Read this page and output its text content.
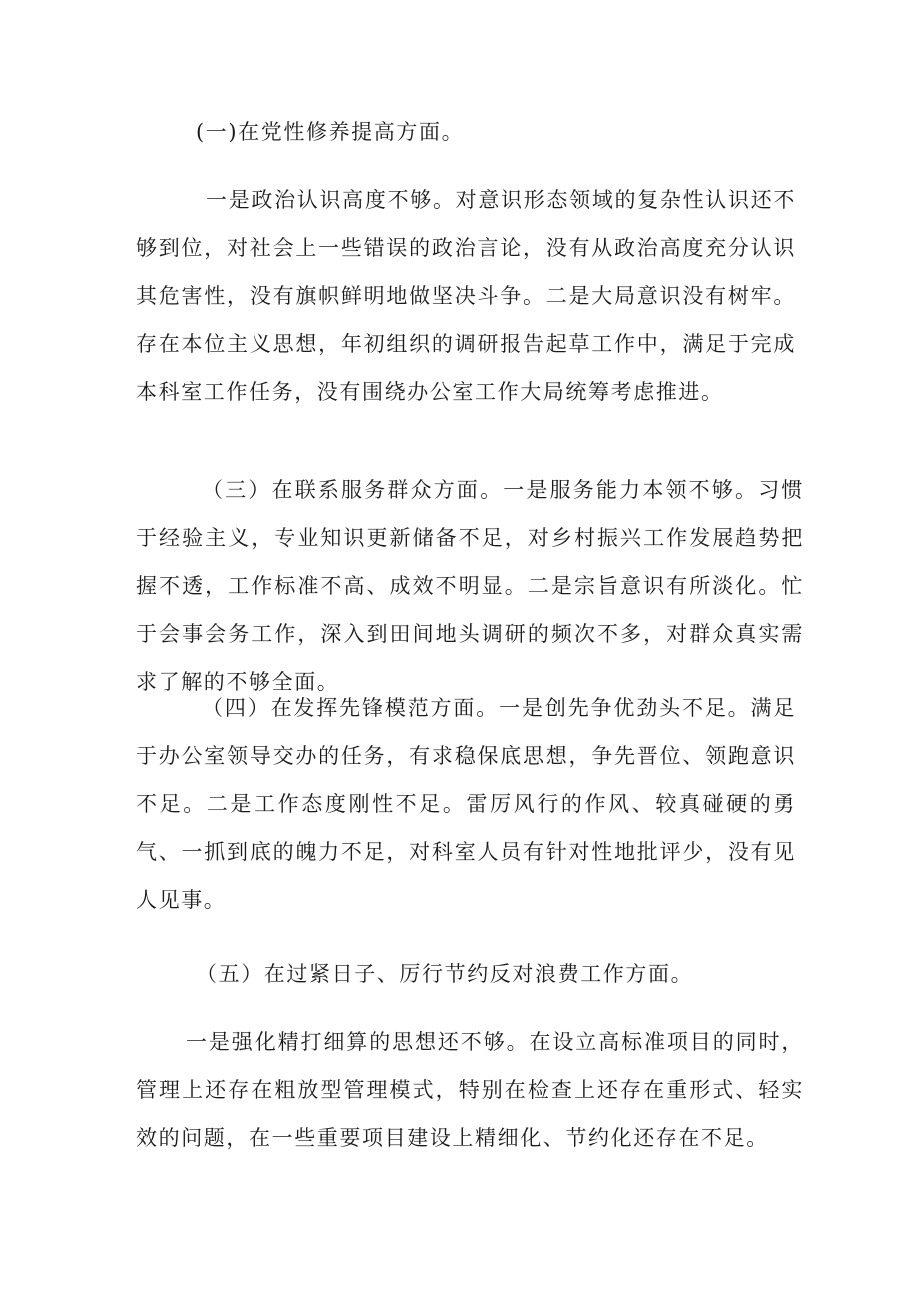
(一)在党性修养提高方面。

一是政治认识高度不够。对意识形态领域的复杂性认识还不够到位，对社会上一些错误的政治言论，没有从政治高度充分认识其危害性，没有旗帜鲜明地做坚决斗争。二是大局意识没有树牢。存在本位主义思想，年初组织的调研报告起草工作中，满足于完成本科室工作任务，没有围绕办公室工作大局统筹考虑推进。

（三）在联系服务群众方面。一是服务能力本领不够。习惯于经验主义，专业知识更新储备不足，对乡村振兴工作发展趋势把握不透，工作标准不高、成效不明显。二是宗旨意识有所淡化。忙于会事会务工作，深入到田间地头调研的频次不多，对群众真实需求了解的不够全面。

（四）在发挥先锋模范方面。一是创先争优劲头不足。满足于办公室领导交办的任务，有求稳保底思想，争先晋位、领跑意识不足。二是工作态度刚性不足。雷厉风行的作风、较真碰硬的勇气、一抓到底的魄力不足，对科室人员有针对性地批评少，没有见人见事。

（五）在过紧日子、厉行节约反对浪费工作方面。

一是强化精打细算的思想还不够。在设立高标准项目的同时，管理上还存在粗放型管理模式，特别在检查上还存在重形式、轻实效的问题，在一些重要项目建设上精细化、节约化还存在不足。
